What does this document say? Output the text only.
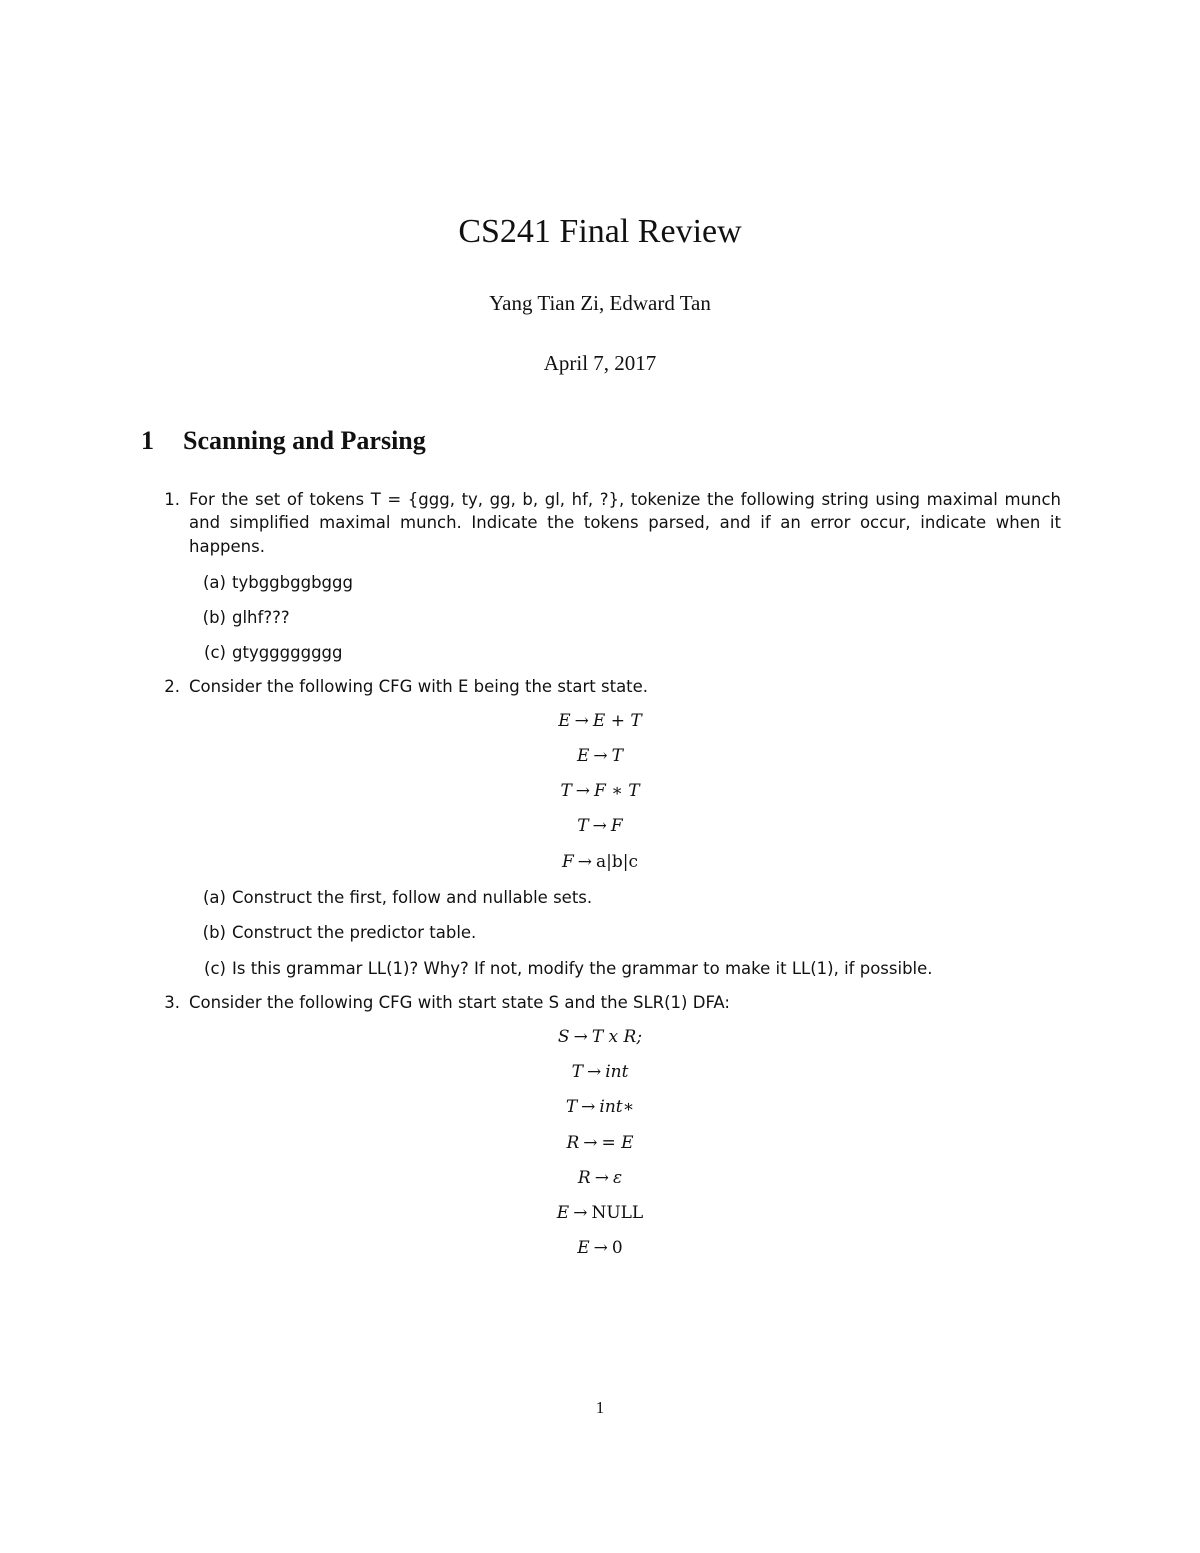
CS241 Final Review
Yang Tian Zi, Edward Tan
April 7, 2017
1 Scanning and Parsing
1. For the set of tokens T = {ggg, ty, gg, b, gl, hf, ?}, tokenize the following string using maximal munch
and simplified maximal munch. Indicate the tokens parsed, and if an error occur, indicate when it
happens.
(a) tybggbggbggg
(b) glhf???
(c) gtygggggggg
2. Consider the following CFG with E being the start state.
E → E + T
E → T
T → F ∗ T
T → F
F → a|b|c
(a) Construct the first, follow and nullable sets.
(b) Construct the predictor table.
(c) Is this grammar LL(1)? Why? If not, modify the grammar to make it LL(1), if possible.
3. Consider the following CFG with start state S and the SLR(1) DFA:
S → T x R;
T → int
T → int∗
R → = E
R → ε
E → NULL
E → 0
1
